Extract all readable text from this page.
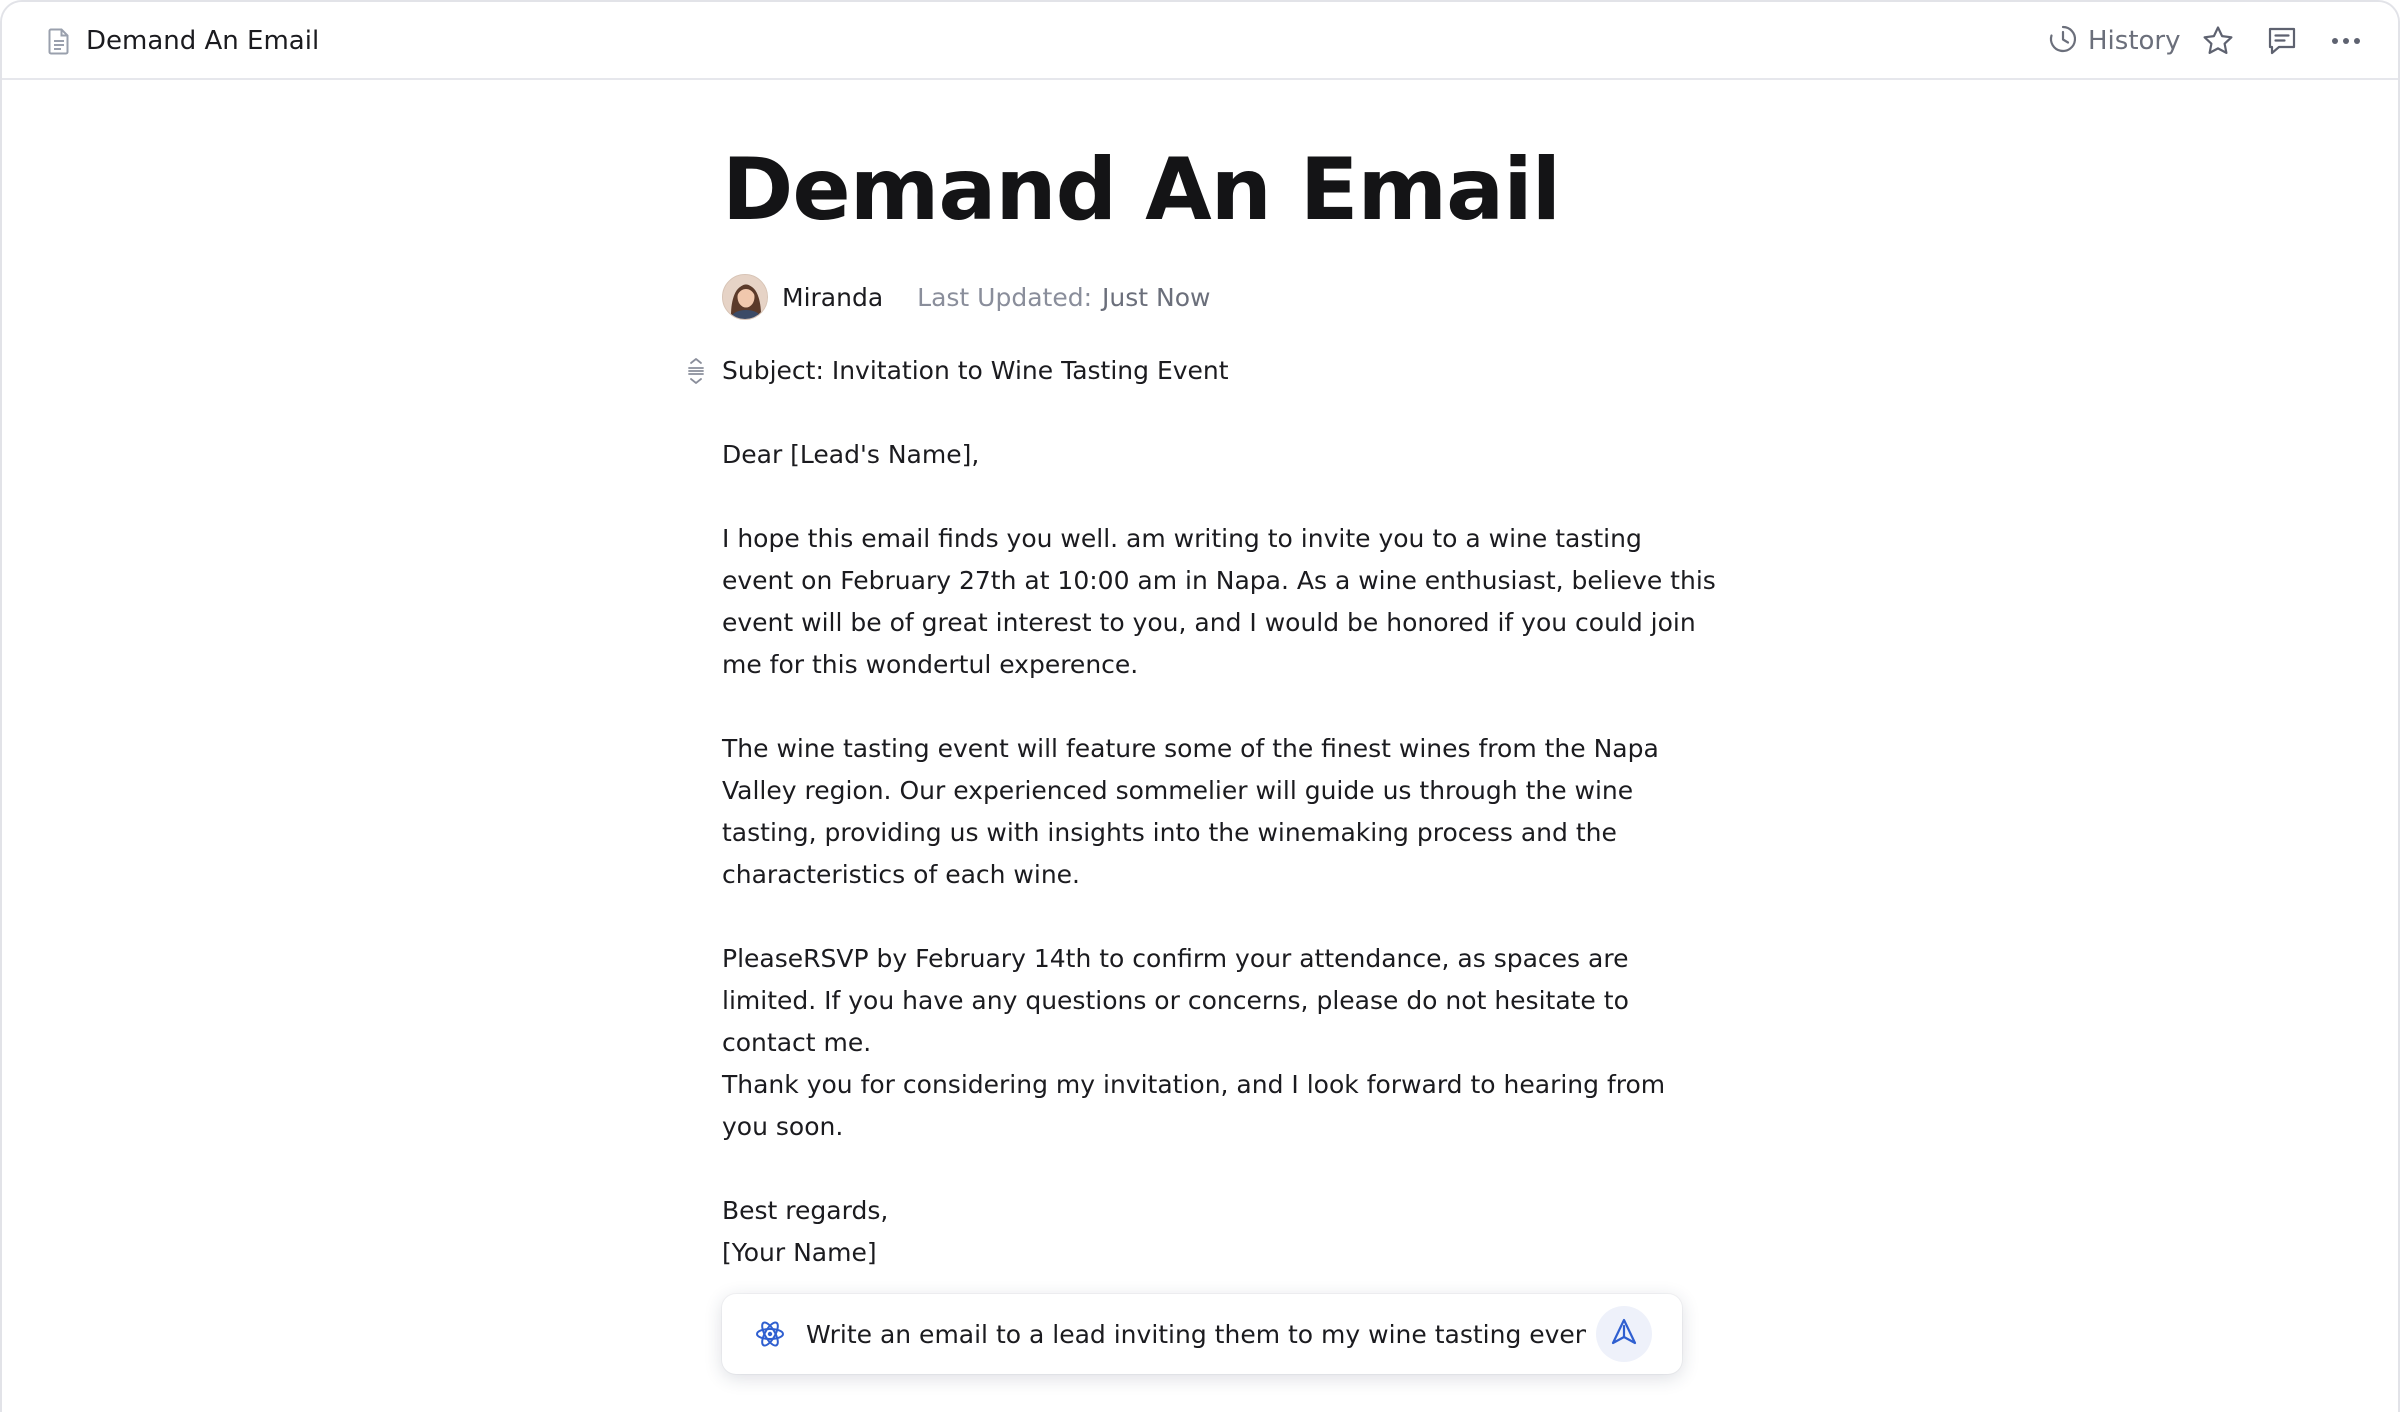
Demand An Email	History
Demand An Email
Miranda Last Updated: Just Now
Subject: Invitation to Wine Tasting Event
Dear [Lead's Name],
I hope this email finds you well. am writing to invite you to a wine tasting
event on February 27th at 10:00 am in Napa. As a wine enthusiast, believe this
event will be of great interest to you, and I would be honored if you could join
me for this wondertul experence.
The wine tasting event will feature some of the finest wines from the Napa
Valley region. Our experienced sommelier will guide us through the wine
tasting, providing us with insights into the winemaking process and the
characteristics of each wine.
PleaseRSVP by February 14th to confirm your attendance, as spaces are
limited. If you have any questions or concerns, please do not hesitate to
contact me.
Thank you for considering my invitation, and I look forward to hearing from
you soon.
Best regards,
[Your Name]
Write an email to a lead inviting them to my wine tasting event.
